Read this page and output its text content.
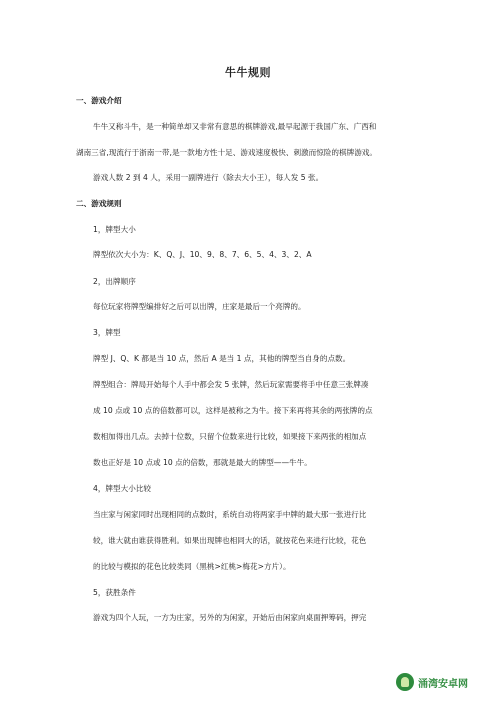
牛牛规则
一、游戏介绍
牛牛又称斗牛，是一种简单却又非常有意思的棋牌游戏,最早起源于我国广东、广西和
湖南三省,现流行于浙南一带,是一款地方性十足、游戏速度极快、刺激而惊险的棋牌游戏。
游戏人数 2 到 4 人，采用一副牌进行（除去大小王），每人发 5 张。
二、游戏规则
1，牌型大小
牌型依次大小为：K、Q、J、10、9、8、7、6、5、4、3、2、A
2，出牌顺序
每位玩家将牌型编排好之后可以出牌，庄家是最后一个亮牌的。
3，牌型
牌型 J、Q、K 都是当 10 点，然后 A 是当 1 点，其他的牌型当自身的点数。
牌型组合：牌局开始每个人手中都会发 5 张牌，然后玩家需要将手中任意三张牌凑
成 10 点或 10 点的倍数都可以，这样是被称之为牛。接下来再将其余的两张牌的点
数相加得出几点。去掉十位数，只留个位数来进行比较，如果接下来两张的相加点
数也正好是 10 点或 10 点的倍数，那就是最大的牌型——牛牛。
4，牌型大小比较
当庄家与闲家同时出现相同的点数时，系统自动将两家手中牌的最大那一张进行比
较，谁大就由谁获得胜利。如果出现牌也相同大的话，就按花色来进行比较，花色
的比较与模拟的花色比较类同（黑桃>红桃>梅花>方片）。
5，获胜条件
游戏为四个人玩，一方为庄家，另外的为闲家，开始后由闲家向桌面押筹码，押完
涌湾安卓网
